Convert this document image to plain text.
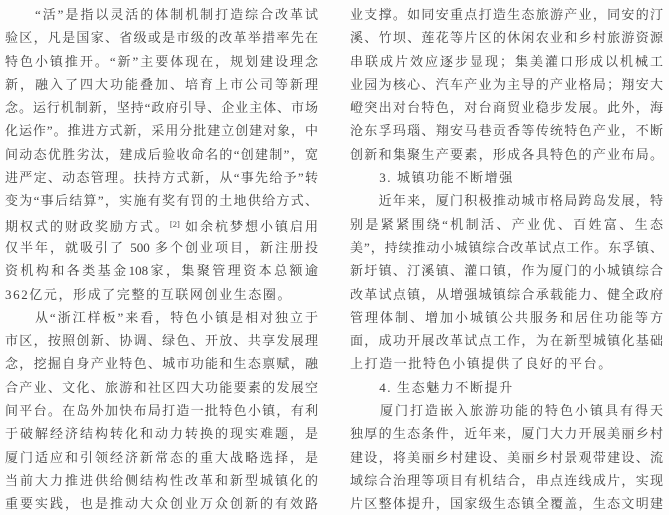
　　“活”是指以灵活的体制机制打造综合改革试
验区，凡是国家、省级或是市级的改革举措率先在
特色小镇推开。“新”主要体现在，规划建设理念
新，融入了四大功能叠加、培育上市公司等新理
念。运行机制新，坚持“政府引导、企业主体、市场
化运作”。推进方式新，采用分批建立创建对象，中
间动态优胜劣汰，建成后验收命名的“创建制”，宽
进严定、动态管理。扶持方式新，从“事先给予”转
变为“事后结算”，实施有奖有罚的土地供给方式、
期权式的财政奖励方式。[2] 如余杭梦想小镇启用
仅半年，就吸引了 500 多个创业项目，新注册投
资机构和各类基金108家，集聚管理资本总额逾
362亿元，形成了完整的互联网创业生态圈。
　　从“浙江样板”来看，特色小镇是相对独立于
市区，按照创新、协调、绿色、开放、共享发展理
念，挖掘自身产业特色、城市功能和生态禀赋，融
合产业、文化、旅游和社区四大功能要素的发展空
间平台。在岛外加快布局打造一批特色小镇，有利
于破解经济结构转化和动力转换的现实难题，是
厦门适应和引领经济新常态的重大战略选择，是
当前大力推进供给侧结构性改革和新型城镇化的
重要实践，也是推动大众创业万众创新的有效路
业支撑。如同安重点打造生态旅游产业，同安的汀
溪、竹坝、莲花等片区的休闲农业和乡村旅游资源
串联成片效应逐步显现；集美灌口形成以机械工
业园为核心、汽车产业为主导的产业格局；翔安大
嶝突出对台特色，对台商贸业稳步发展。此外，海
沧东孚玛瑙、翔安马巷贡香等传统特色产业，不断
创新和集聚生产要素，形成各具特色的产业布局。
　　3. 城镇功能不断增强
　　近年来，厦门积极推动城市格局跨岛发展，特
别是紧紧围绕“机制活、产业优、百姓富、生态
美”，持续推动小城镇综合改革试点工作。东孚镇、
新圩镇、汀溪镇、灌口镇，作为厦门的小城镇综合
改革试点镇，从增强城镇综合承载能力、健全政府
管理体制、增加小城镇公共服务和居住功能等方
面，成功开展改革试点工作，为在新型城镇化基础
上打造一批特色小镇提供了良好的平台。
　　4. 生态魅力不断提升
　　厦门打造嵌入旅游功能的特色小镇具有得天
独厚的生态条件，近年来，厦门大力开展美丽乡村
建设，将美丽乡村建设、美丽乡村景观带建设、流
域综合治理等项目有机结合，串点连线成片，实现
片区整体提升，国家级生态镇全覆盖，生态文明建
